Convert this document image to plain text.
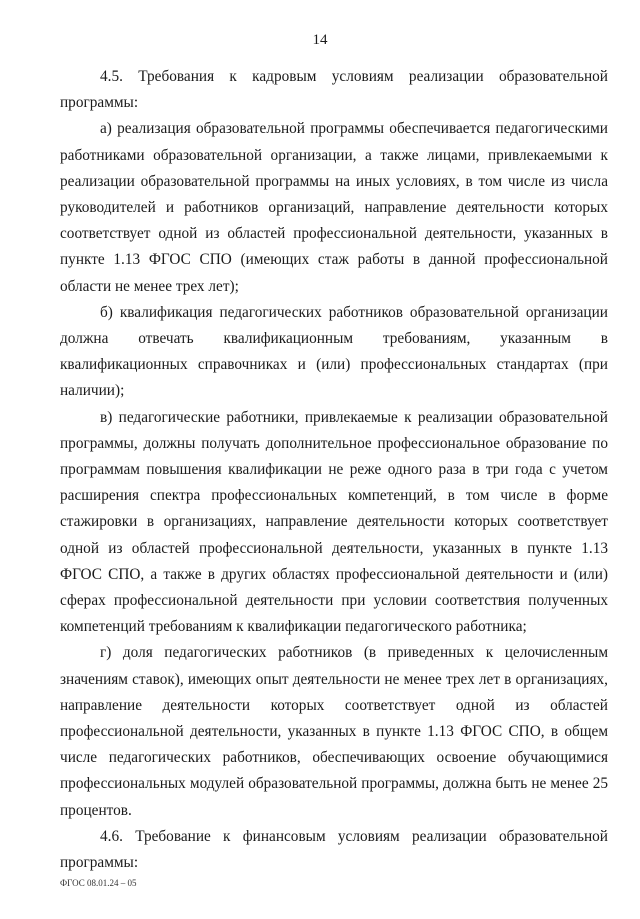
14

4.5. Требования к кадровым условиям реализации образовательной программы:

а) реализация образовательной программы обеспечивается педагогическими работниками образовательной организации, а также лицами, привлекаемыми к реализации образовательной программы на иных условиях, в том числе из числа руководителей и работников организаций, направление деятельности которых соответствует одной из областей профессиональной деятельности, указанных в пункте 1.13 ФГОС СПО (имеющих стаж работы в данной профессиональной области не менее трех лет);

б) квалификация педагогических работников образовательной организации должна отвечать квалификационным требованиям, указанным в квалификационных справочниках и (или) профессиональных стандартах (при наличии);

в) педагогические работники, привлекаемые к реализации образовательной программы, должны получать дополнительное профессиональное образование по программам повышения квалификации не реже одного раза в три года с учетом расширения спектра профессиональных компетенций, в том числе в форме стажировки в организациях, направление деятельности которых соответствует одной из областей профессиональной деятельности, указанных в пункте 1.13 ФГОС СПО, а также в других областях профессиональной деятельности и (или) сферах профессиональной деятельности при условии соответствия полученных компетенций требованиям к квалификации педагогического работника;

г) доля педагогических работников (в приведенных к целочисленным значениям ставок), имеющих опыт деятельности не менее трех лет в организациях, направление деятельности которых соответствует одной из областей профессиональной деятельности, указанных в пункте 1.13 ФГОС СПО, в общем числе педагогических работников, обеспечивающих освоение обучающимися профессиональных модулей образовательной программы, должна быть не менее 25 процентов.

4.6. Требование к финансовым условиям реализации образовательной программы:

ФГОС 08.01.24 – 05
